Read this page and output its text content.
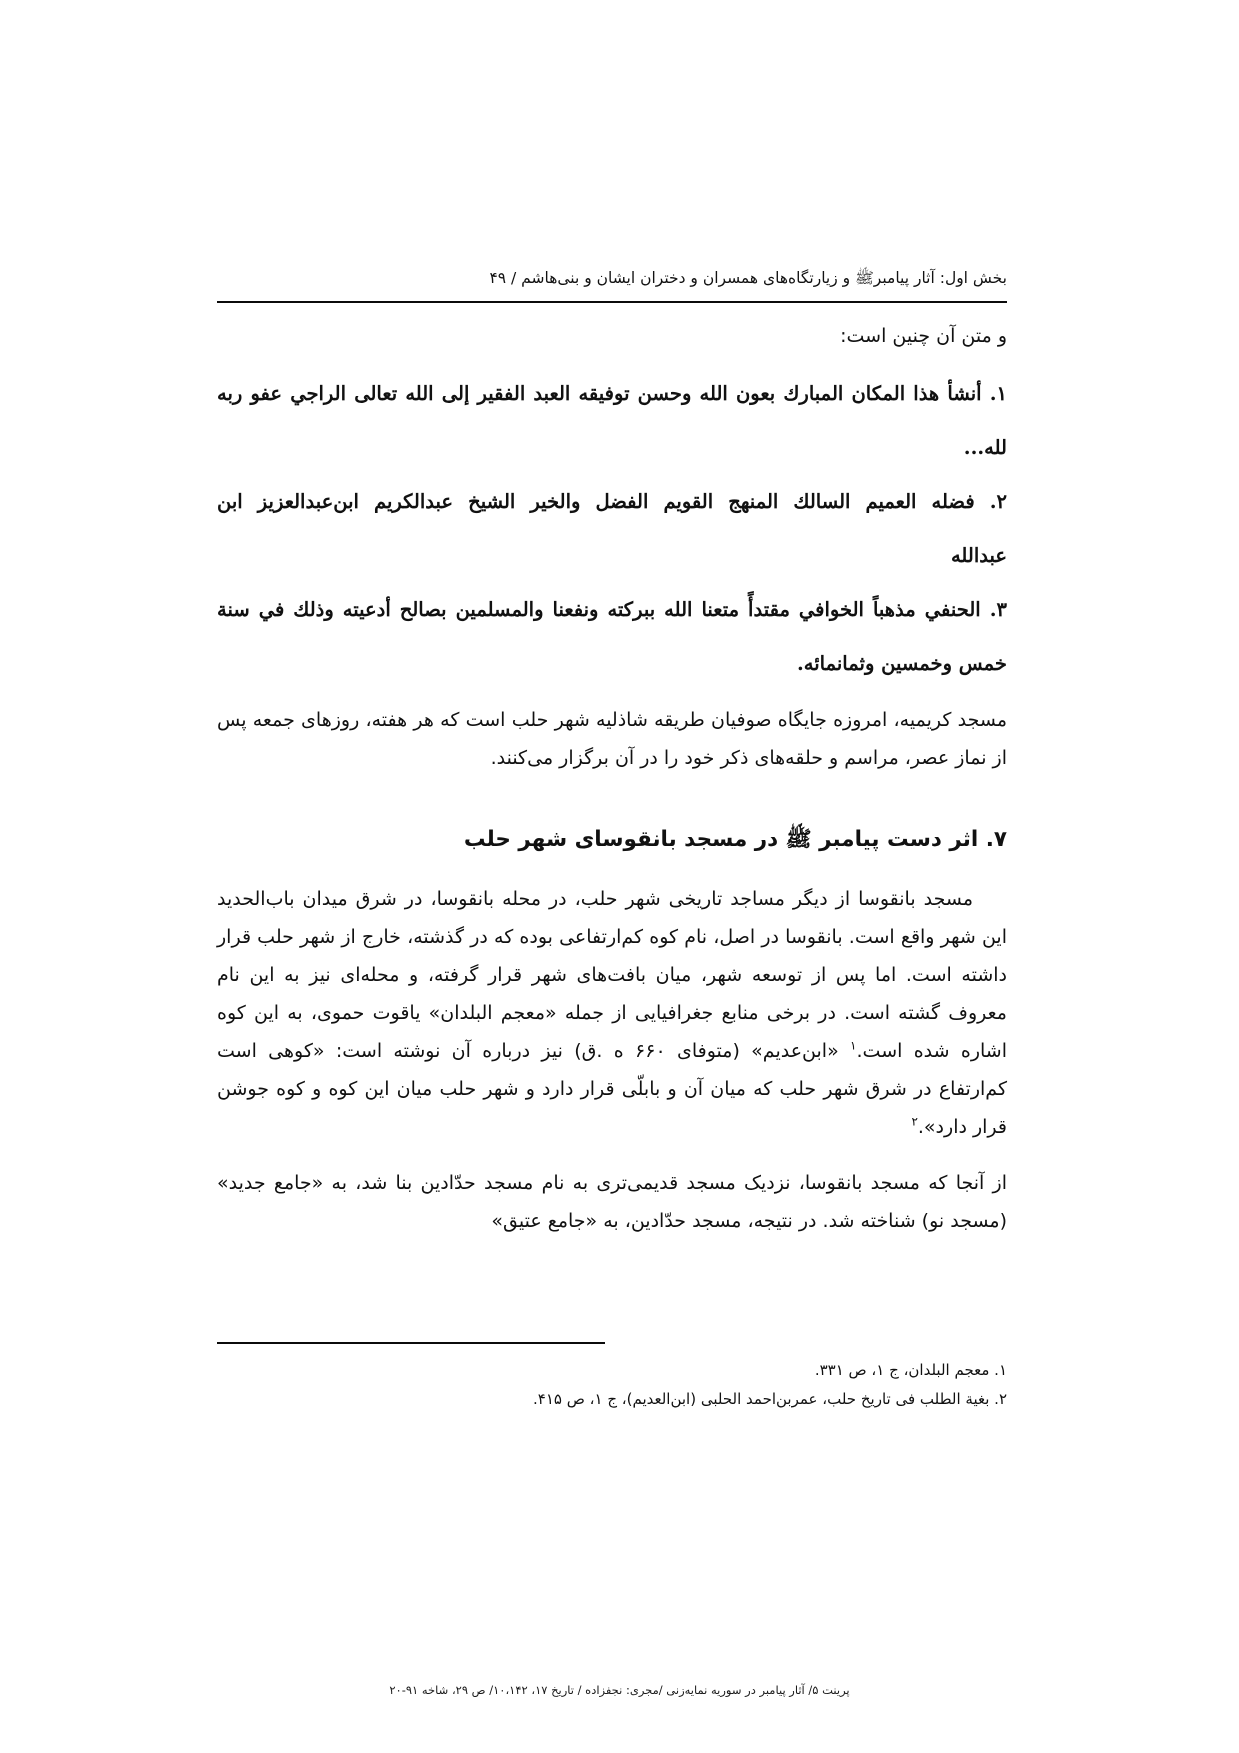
بخش اول: آثار پیامبرﷺ و زیارتگاه‌های همسران و دختران ایشان و بنی‌هاشم / ۴۹

و متن آن چنین است:

۱. أنشأ هذا المكان المبارك بعون الله وحسن توفيقه العبد الفقير إلى الله تعالى الراجي عفو ربه

لله...

۲. فضله العميم السالك المنهج القويم الفضل والخير الشيخ عبدالكريم ابن‌عبدالعزيز ابن

عبدالله

۳. الحنفي مذهباً الخوافي مقتدأً متعنا الله ببركته ونفعنا والمسلمين بصالح أدعيته وذلك في سنة

خمس وخمسين وثمانمائه.

مسجد کریمیه، امروزه جایگاه صوفیان طریقه شاذلیه شهر حلب است که هر هفته، روزهای جمعه پس از نماز عصر، مراسم و حلقه‌های ذکر خود را در آن برگزار می‌کنند.

۷. اثر دست پیامبر ﷺ در مسجد بانقوسای شهر حلب

مسجد بانقوسا از دیگر مساجد تاریخی شهر حلب، در محله بانقوسا، در شرق میدان باب‌الحدید این شهر واقع است. بانقوسا در اصل، نام کوه کم‌ارتفاعی بوده که در گذشته، خارج از شهر حلب قرار داشته است. اما پس از توسعه شهر، میان بافت‌های شهر قرار گرفته، و محله‌ای نیز به این نام معروف گشته است. در برخی منابع جغرافیایی از جمله «معجم البلدان» یاقوت حموی، به این کوه اشاره شده است.$^۱$ «ابن‌عدیم» (متوفای ۶۶۰ ه .ق) نیز درباره آن نوشته است: «کوهی است کم‌ارتفاع در شرق شهر حلب که میان آن و بابلّی قرار دارد و شهر حلب میان این کوه و کوه جوشن قرار دارد».$^۲$

از آنجا که مسجد بانقوسا، نزدیک مسجد قدیمی‌تری به نام مسجد حدّادین بنا شد، به «جامع جدید» (مسجد نو) شناخته شد. در نتیجه، مسجد حدّادین، به «جامع عتیق»

۱. معجم البلدان، ج ۱، ص ۳۳۱.
۲. بغیة الطلب فی تاریخ حلب، عمربن‌احمد الحلبی (ابن‌العدیم)، ج ۱، ص ۴۱۵.
پرینت ۵/ آثار پیامبر در سوریه نمایه‌زنی /مجری: نجفزاده / تاریخ ۱۷، ۱۰،۱۴۲/ ص ۲۹، شاخه ۹۱-۲۰
